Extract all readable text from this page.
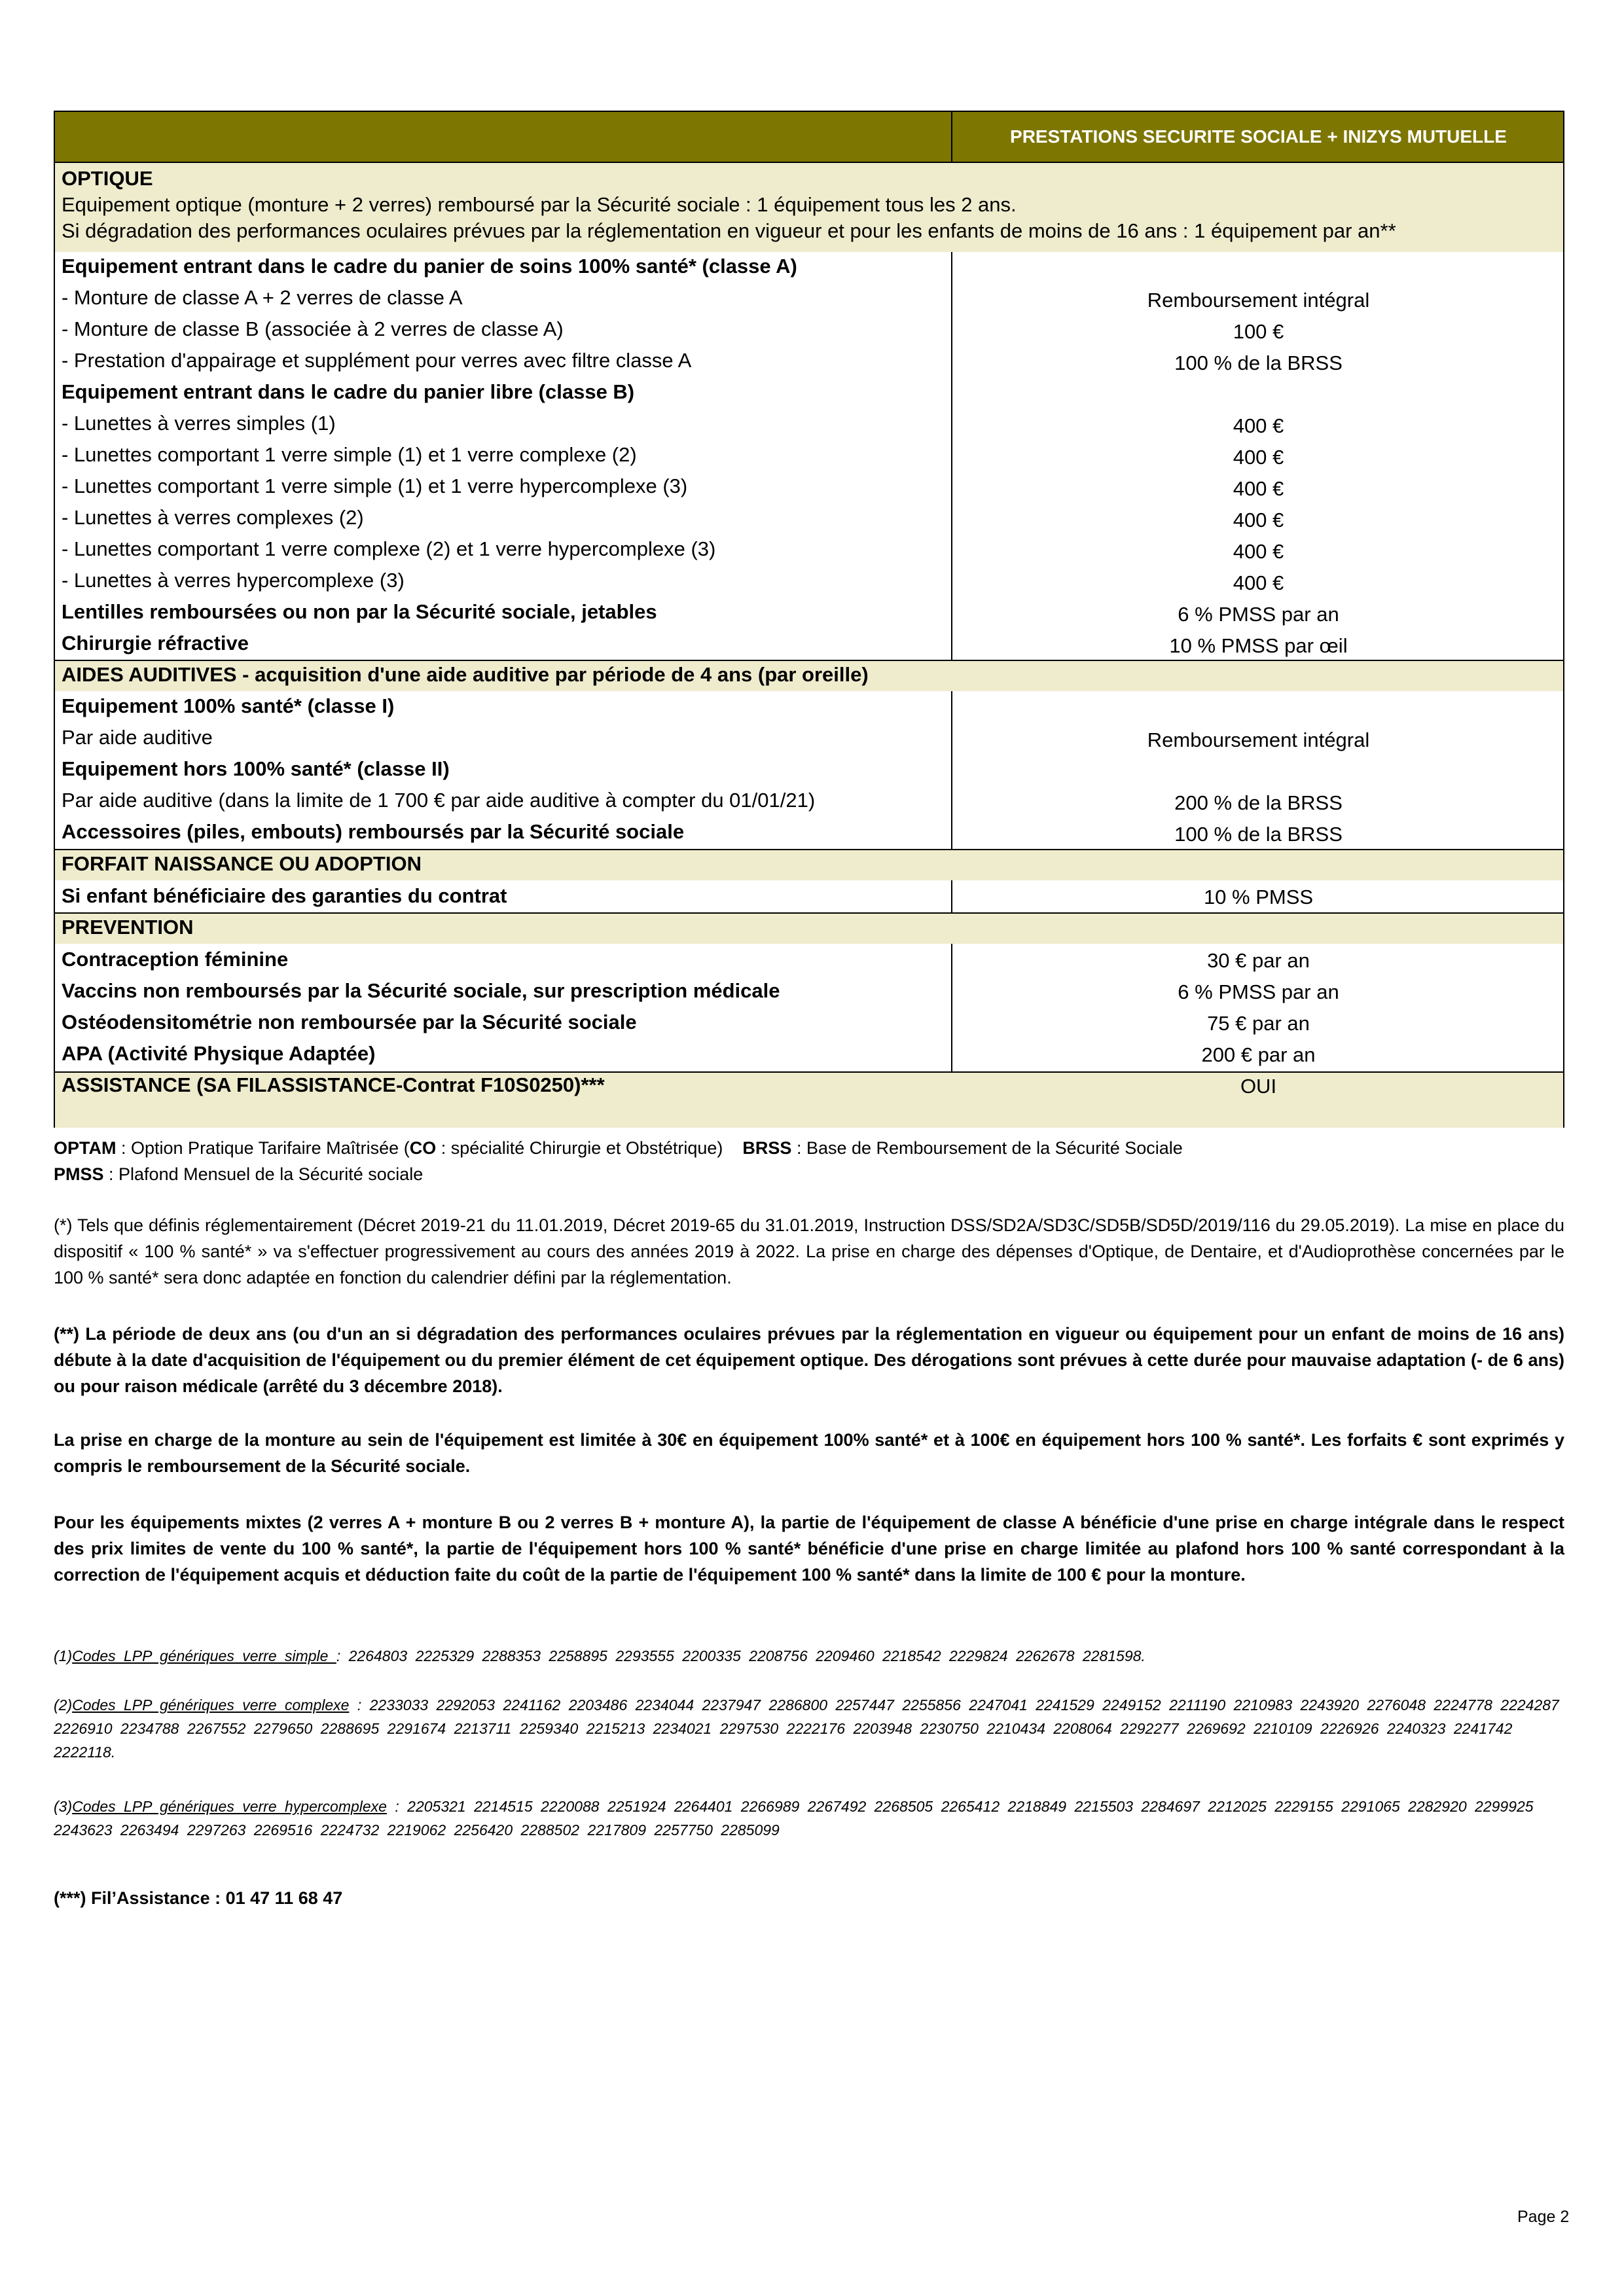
PRESTATIONS SECURITE SOCIALE + INIZYS MUTUELLE
OPTIQUE
Equipement optique (monture + 2 verres) remboursé par la Sécurité sociale : 1 équipement tous les 2 ans.
Si dégradation des performances oculaires prévues par la réglementation en vigueur et pour les enfants de moins de 16 ans : 1 équipement par an**
Equipement entrant dans le cadre du panier de soins 100% santé* (classe A)
- Monture de classe A + 2 verres de classe A	Remboursement intégral
- Monture de classe B (associée à 2 verres de classe A)	100 €
- Prestation d'appairage et supplément pour verres avec filtre classe A	100 % de la BRSS
Equipement entrant dans le cadre du panier libre (classe B)
- Lunettes à verres simples (1)	400 €
- Lunettes comportant 1 verre simple (1) et 1 verre complexe (2)	400 €
- Lunettes comportant 1 verre simple (1) et 1 verre hypercomplexe (3)	400 €
- Lunettes à verres complexes (2)	400 €
- Lunettes comportant 1 verre complexe (2) et 1 verre hypercomplexe (3)	400 €
- Lunettes à verres hypercomplexe (3)	400 €
Lentilles remboursées ou non par la Sécurité sociale, jetables	6 % PMSS par an
Chirurgie réfractive	10 % PMSS par œil
AIDES AUDITIVES - acquisition d'une aide auditive par période de 4 ans (par oreille)
Equipement 100% santé* (classe I)
Par aide auditive	Remboursement intégral
Equipement hors 100% santé* (classe II)
Par aide auditive (dans la limite de 1 700 € par aide auditive à compter du 01/01/21)	200 % de la BRSS
Accessoires (piles, embouts) remboursés par la Sécurité sociale	100 % de la BRSS
FORFAIT NAISSANCE OU ADOPTION
Si enfant bénéficiaire des garanties du contrat	10 % PMSS
PREVENTION
Contraception féminine	30 € par an
Vaccins non remboursés par la Sécurité sociale, sur prescription médicale	6 % PMSS par an
Ostéodensitométrie non remboursée par la Sécurité sociale	75 € par an
APA (Activité Physique Adaptée)	200 € par an
ASSISTANCE (SA FILASSISTANCE-Contrat F10S0250)***	OUI
OPTAM : Option Pratique Tarifaire Maîtrisée (CO : spécialité Chirurgie et Obstétrique) BRSS : Base de Remboursement de la Sécurité Sociale
PMSS : Plafond Mensuel de la Sécurité sociale
(*) Tels que définis réglementairement (Décret 2019-21 du 11.01.2019, Décret 2019-65 du 31.01.2019, Instruction DSS/SD2A/SD3C/SD5B/SD5D/2019/116 du 29.05.2019). La mise en place du dispositif « 100 % santé* » va s'effectuer progressivement au cours des années 2019 à 2022. La prise en charge des dépenses d'Optique, de Dentaire, et d'Audioprothèse concernées par le 100 % santé* sera donc adaptée en fonction du calendrier défini par la réglementation.
(**) La période de deux ans (ou d'un an si dégradation des performances oculaires prévues par la réglementation en vigueur ou équipement pour un enfant de moins de 16 ans) débute à la date d'acquisition de l'équipement ou du premier élément de cet équipement optique. Des dérogations sont prévues à cette durée pour mauvaise adaptation (- de 6 ans) ou pour raison médicale (arrêté du 3 décembre 2018).
La prise en charge de la monture au sein de l'équipement est limitée à 30€ en équipement 100% santé* et à 100€ en équipement hors 100 % santé*. Les forfaits € sont exprimés y compris le remboursement de la Sécurité sociale.
Pour les équipements mixtes (2 verres A + monture B ou 2 verres B + monture A), la partie de l'équipement de classe A bénéficie d'une prise en charge intégrale dans le respect des prix limites de vente du 100 % santé*, la partie de l'équipement hors 100 % santé* bénéficie d'une prise en charge limitée au plafond hors 100 % santé correspondant à la correction de l'équipement acquis et déduction faite du coût de la partie de l'équipement 100 % santé* dans la limite de 100 € pour la monture.
(1)Codes LPP génériques verre simple : 2264803 2225329 2288353 2258895 2293555 2200335 2208756 2209460 2218542 2229824 2262678 2281598.
(2)Codes LPP génériques verre complexe : 2233033 2292053 2241162 2203486 2234044 2237947 2286800 2257447 2255856 2247041 2241529 2249152 2211190 2210983 2243920 2276048 2224778 2224287 2226910 2234788 2267552 2279650 2288695 2291674 2213711 2259340 2215213 2234021 2297530 2222176 2203948 2230750 2210434 2208064 2292277 2269692 2210109 2226926 2240323 2241742 2222118.
(3)Codes LPP génériques verre hypercomplexe : 2205321 2214515 2220088 2251924 2264401 2266989 2267492 2268505 2265412 2218849 2215503 2284697 2212025 2229155 2291065 2282920 2299925 2243623 2263494 2297263 2269516 2224732 2219062 2256420 2288502 2217809 2257750 2285099
(***) Fil’Assistance : 01 47 11 68 47
Page 2
